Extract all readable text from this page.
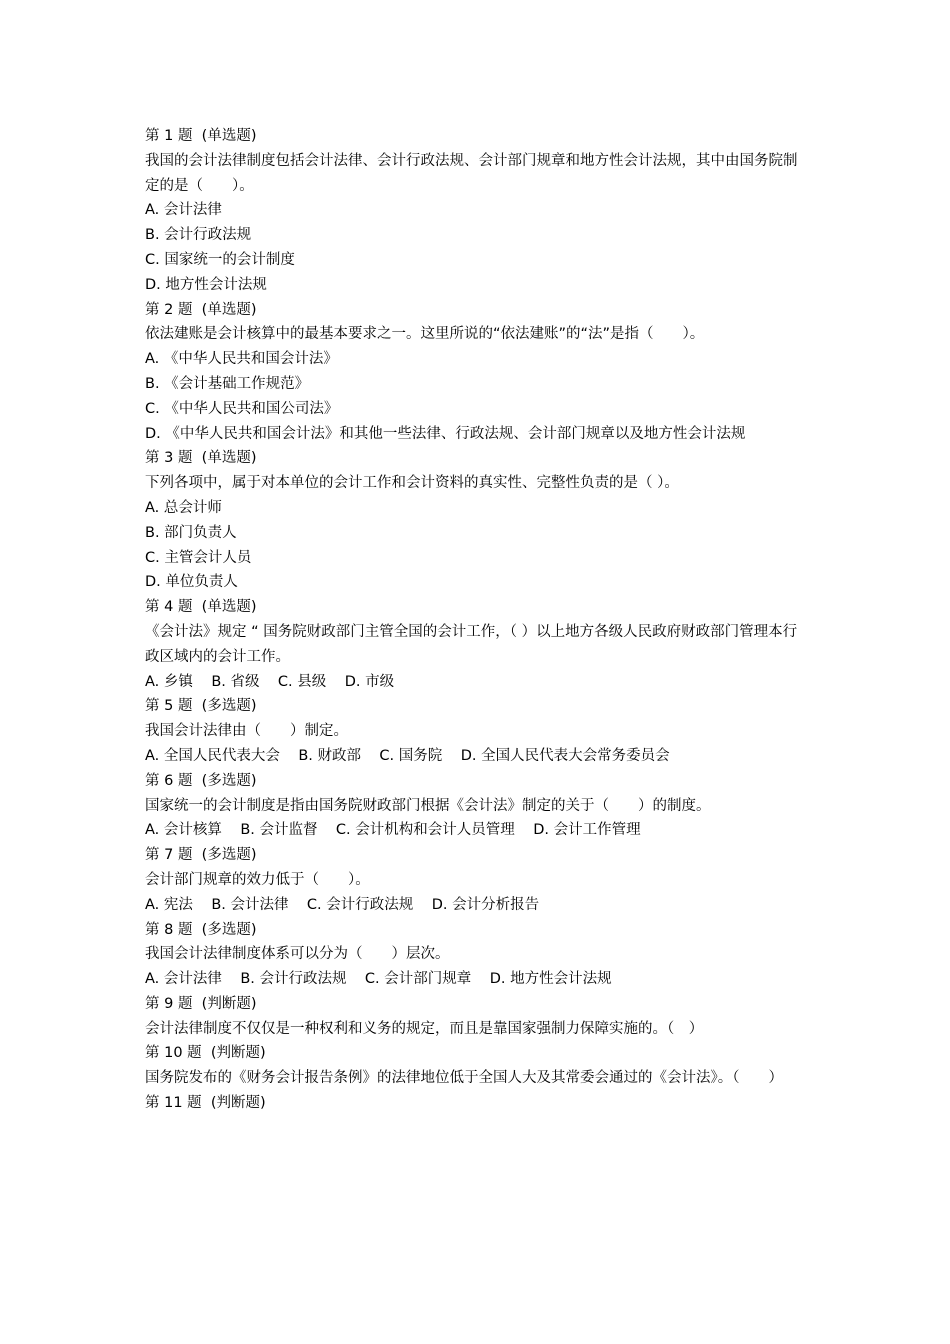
第 1 题  (单选题)
我国的会计法律制度包括会计法律、会计行政法规、会计部门规章和地方性会计法规，其中由国务院制定的是（　　）。
A. 会计法律
B. 会计行政法规
C. 国家统一的会计制度
D. 地方性会计法规
第 2 题  (单选题)
依法建账是会计核算中的最基本要求之一。这里所说的“依法建账”的“法”是指（　　）。
A. 《中华人民共和国会计法》
B. 《会计基础工作规范》
C. 《中华人民共和国公司法》
D. 《中华人民共和国会计法》和其他一些法律、行政法规、会计部门规章以及地方性会计法规
第 3 题  (单选题)
下列各项中，属于对本单位的会计工作和会计资料的真实性、完整性负责的是（ ）。
A. 总会计师
B. 部门负责人
C. 主管会计人员
D. 单位负责人
第 4 题  (单选题)
《会计法》规定 “ 国务院财政部门主管全国的会计工作，（ ）以上地方各级人民政府财政部门管理本行政区域内的会计工作。
A. 乡镇    B. 省级    C. 县级    D. 市级
第 5 题  (多选题)
我国会计法律由（　　）制定。
A. 全国人民代表大会    B. 财政部    C. 国务院    D. 全国人民代表大会常务委员会
第 6 题  (多选题)
国家统一的会计制度是指由国务院财政部门根据《会计法》制定的关于（　　）的制度。
A. 会计核算    B. 会计监督    C. 会计机构和会计人员管理    D. 会计工作管理
第 7 题  (多选题)
会计部门规章的效力低于（　　）。
A. 宪法    B. 会计法律    C. 会计行政法规    D. 会计分析报告
第 8 题  (多选题)
我国会计法律制度体系可以分为（　　）层次。
A. 会计法律    B. 会计行政法规    C. 会计部门规章    D. 地方性会计法规
第 9 题  (判断题)
会计法律制度不仅仅是一种权利和义务的规定，而且是靠国家强制力保障实施的。（　）
第 10 题  (判断题)
国务院发布的《财务会计报告条例》的法律地位低于全国人大及其常委会通过的《会计法》。（　　）
第 11 题  (判断题)
